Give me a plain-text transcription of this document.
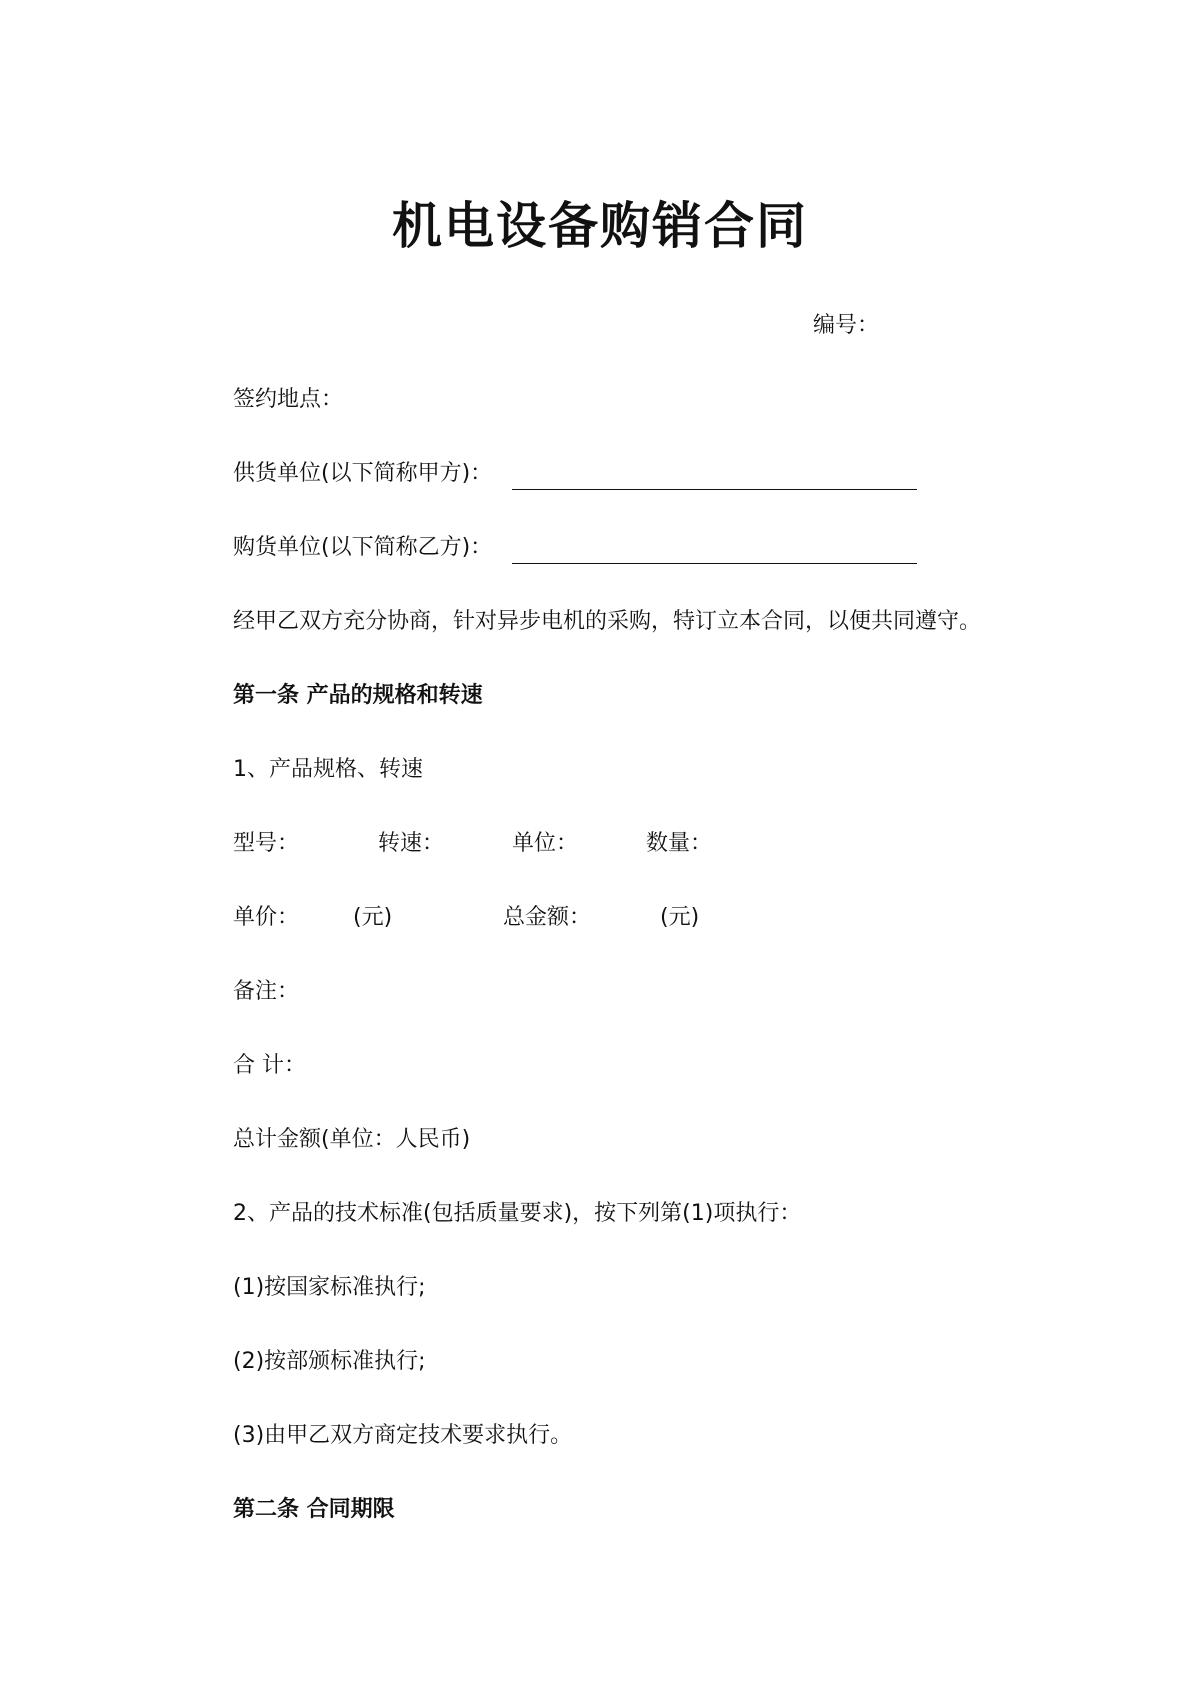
机电设备购销合同
编号：
签约地点：
供货单位(以下简称甲方)：
购货单位(以下简称乙方)：
经甲乙双方充分协商，针对异步电机的采购，特订立本合同，以便共同遵守。
第一条 产品的规格和转速
1、产品规格、转速
型号：	转速：	单位：	数量：
单价： (元)	总金额：	(元)
备注：
合 计：
总计金额(单位：人民币)
2、产品的技术标准(包括质量要求)，按下列第(1)项执行：
(1)按国家标准执行;
(2)按部颁标准执行;
(3)由甲乙双方商定技术要求执行。
第二条 合同期限
